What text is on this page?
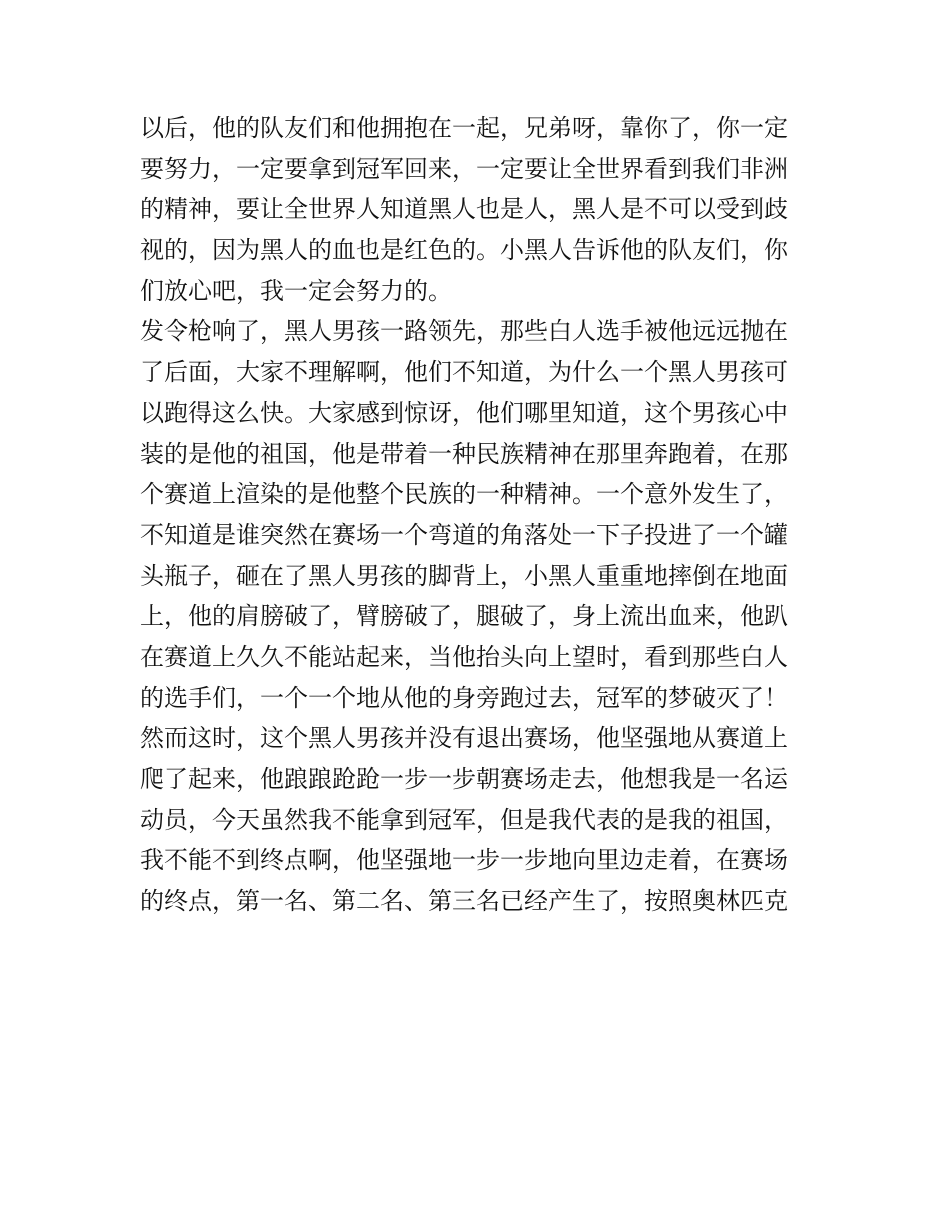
以后，他的队友们和他拥抱在一起，兄弟呀，靠你了，你一定
要努力，一定要拿到冠军回来，一定要让全世界看到我们非洲
的精神，要让全世界人知道黑人也是人，黑人是不可以受到歧
视的，因为黑人的血也是红色的。小黑人告诉他的队友们，你
们放心吧，我一定会努力的。
发令枪响了，黑人男孩一路领先，那些白人选手被他远远抛在
了后面，大家不理解啊，他们不知道，为什么一个黑人男孩可
以跑得这么快。大家感到惊讶，他们哪里知道，这个男孩心中
装的是他的祖国，他是带着一种民族精神在那里奔跑着，在那
个赛道上渲染的是他整个民族的一种精神。一个意外发生了，
不知道是谁突然在赛场一个弯道的角落处一下子投进了一个罐
头瓶子，砸在了黑人男孩的脚背上，小黑人重重地摔倒在地面
上，他的肩膀破了，臂膀破了，腿破了，身上流出血来，他趴
在赛道上久久不能站起来，当他抬头向上望时，看到那些白人
的选手们，一个一个地从他的身旁跑过去，冠军的梦破灭了！
然而这时，这个黑人男孩并没有退出赛场，他坚强地从赛道上
爬了起来，他踉踉跄跄一步一步朝赛场走去，他想我是一名运
动员，今天虽然我不能拿到冠军，但是我代表的是我的祖国，
我不能不到终点啊，他坚强地一步一步地向里边走着，在赛场
的终点，第一名、第二名、第三名已经产生了，按照奥林匹克
